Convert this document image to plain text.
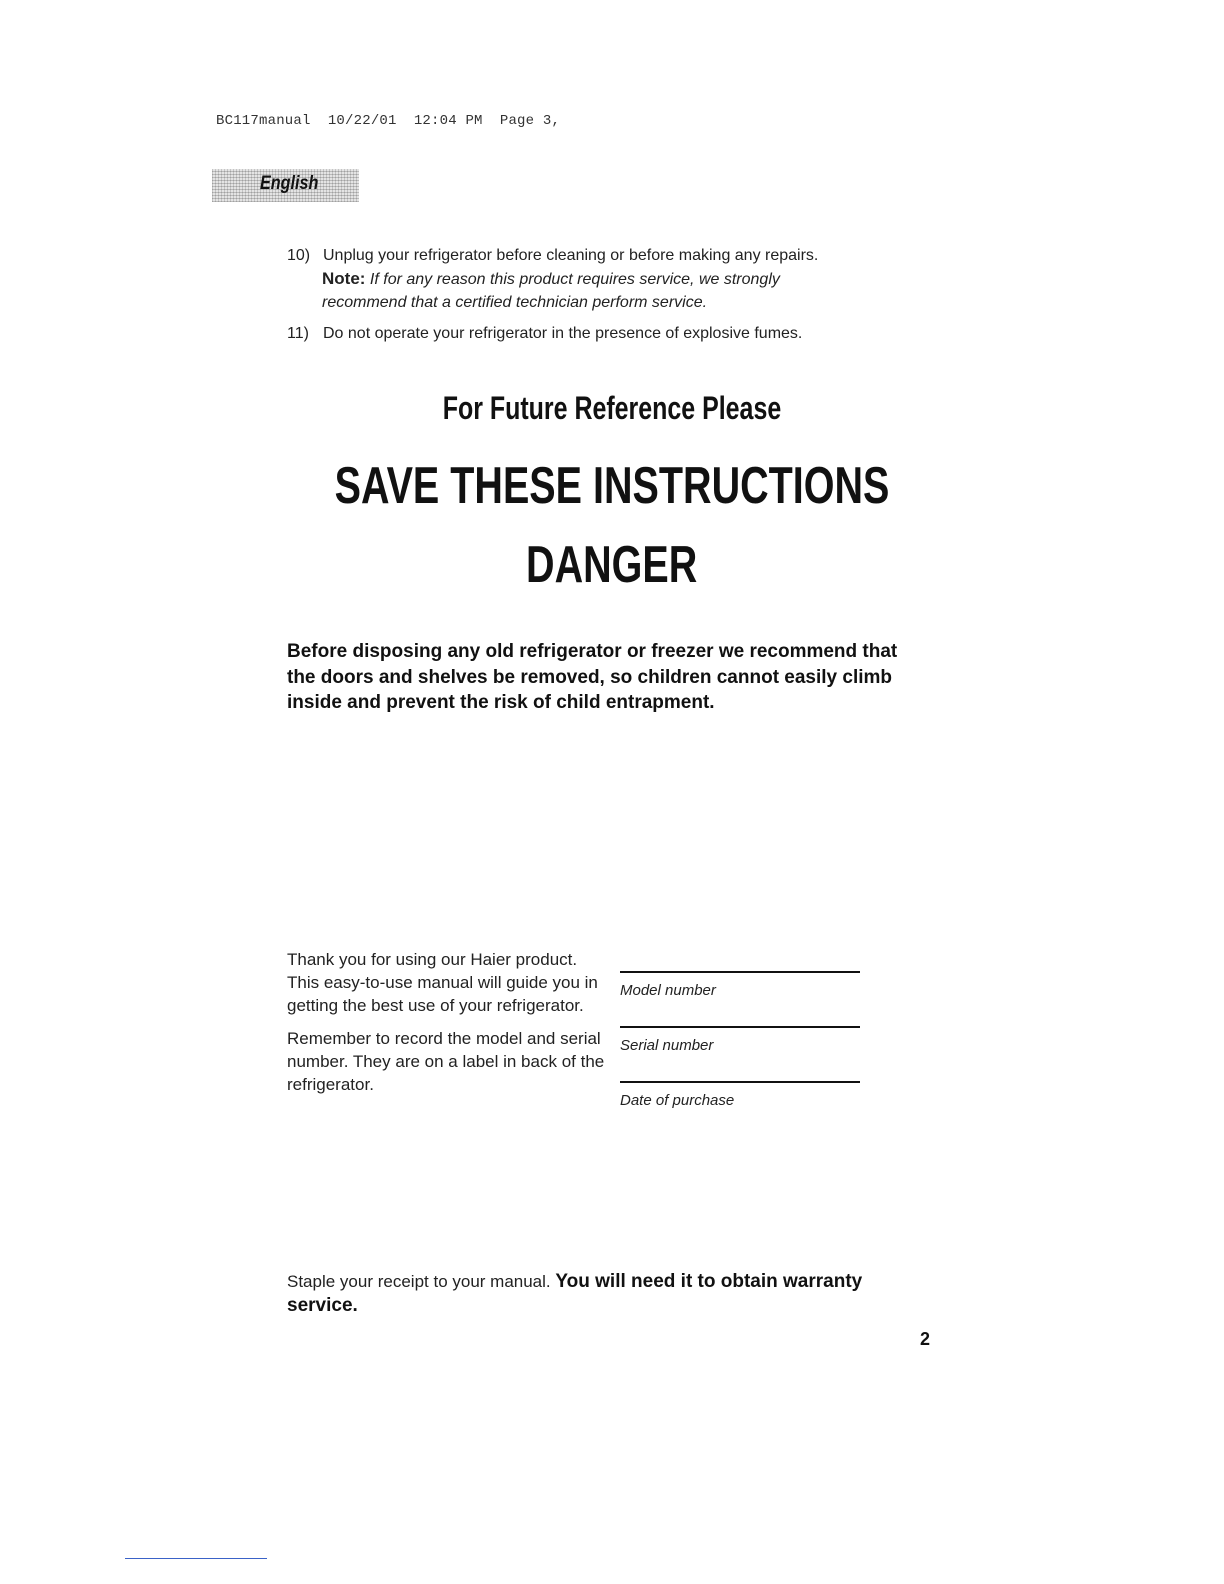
BC117manual  10/22/01  12:04 PM  Page 3,
English
10) Unplug your refrigerator before cleaning or before making any repairs.
Note: If for any reason this product requires service, we strongly
recommend that a certified technician perform service.
11) Do not operate your refrigerator in the presence of explosive fumes.
For Future Reference Please
SAVE THESE INSTRUCTIONS
DANGER
Before disposing any old refrigerator or freezer we recommend that the doors and shelves be removed, so children cannot easily climb inside and prevent the risk of child entrapment.

Thank you for using our Haier product. This easy-to-use manual will guide you in getting the best use of your refrigerator.

Remember to record the model and serial number. They are on a label in back of the refrigerator.

Model number
Serial number
Date of purchase
Staple your receipt to your manual. You will need it to obtain warranty service.
2
